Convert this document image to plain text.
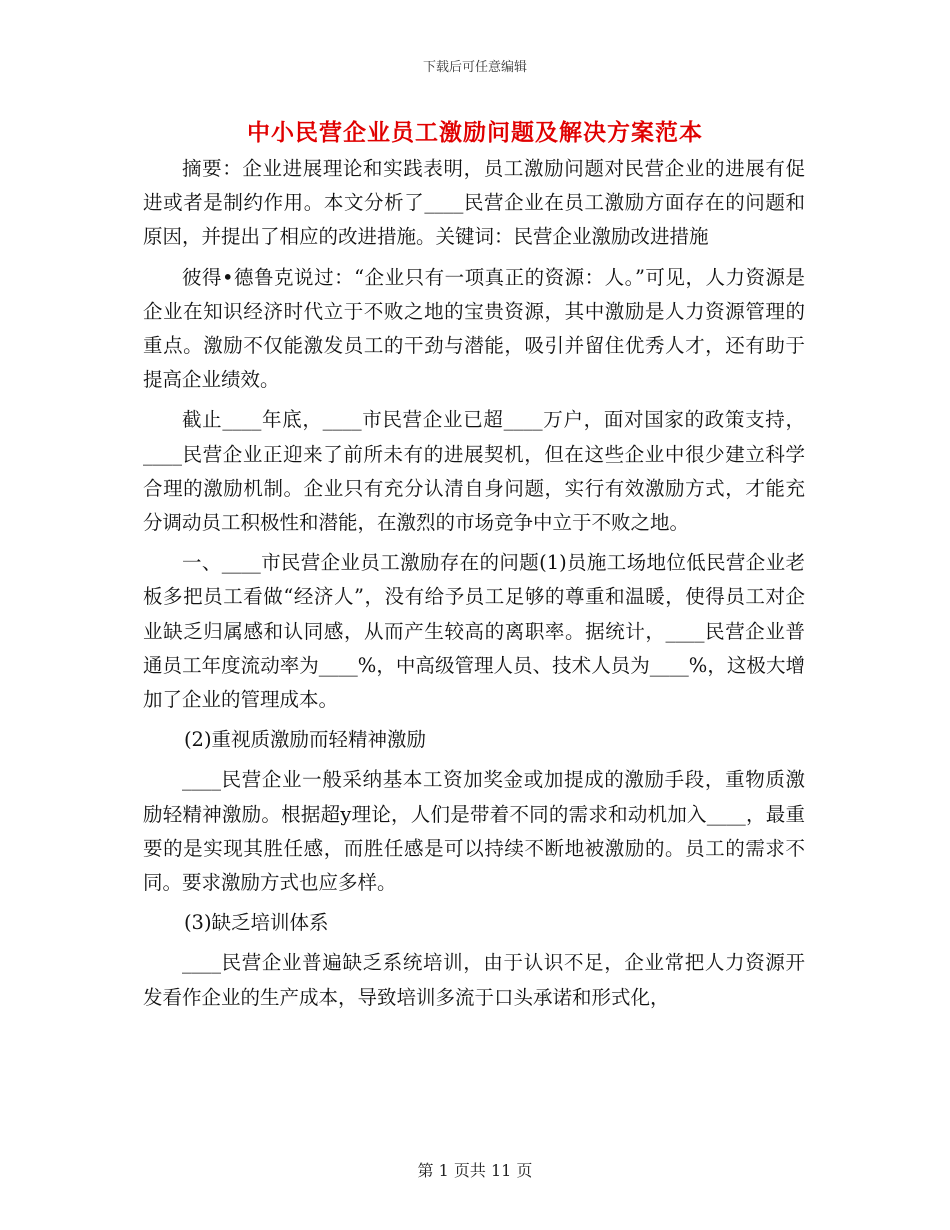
下载后可任意编辑
中小民营企业员工激励问题及解决方案范本

摘要：企业进展理论和实践表明，员工激励问题对民营企业的进展有促进或者是制约作用。本文分析了____民营企业在员工激励方面存在的问题和原因，并提出了相应的改进措施。关键词：民营企业激励改进措施

彼得•德鲁克说过：“企业只有一项真正的资源：人。”可见，人力资源是企业在知识经济时代立于不败之地的宝贵资源，其中激励是人力资源管理的重点。激励不仅能激发员工的干劲与潜能，吸引并留住优秀人才，还有助于提高企业绩效。

截止____年底，____市民营企业已超____万户，面对国家的政策支持，____民营企业正迎来了前所未有的进展契机，但在这些企业中很少建立科学合理的激励机制。企业只有充分认清自身问题，实行有效激励方式，才能充分调动员工积极性和潜能，在激烈的市场竞争中立于不败之地。

一、____市民营企业员工激励存在的问题(1)员施工场地位低民营企业老板多把员工看做“经济人”，没有给予员工足够的尊重和温暖，使得员工对企业缺乏归属感和认同感，从而产生较高的离职率。据统计，____民营企业普通员工年度流动率为____%，中高级管理人员、技术人员为____%，这极大增加了企业的管理成本。

(2)重视质激励而轻精神激励

____民营企业一般采纳基本工资加奖金或加提成的激励手段，重物质激励轻精神激励。根据超y理论，人们是带着不同的需求和动机加入____，最重要的是实现其胜任感，而胜任感是可以持续不断地被激励的。员工的需求不同。要求激励方式也应多样。

(3)缺乏培训体系

____民营企业普遍缺乏系统培训，由于认识不足，企业常把人力资源开发看作企业的生产成本，导致培训多流于口头承诺和形式化，

第 1 页共 11 页
